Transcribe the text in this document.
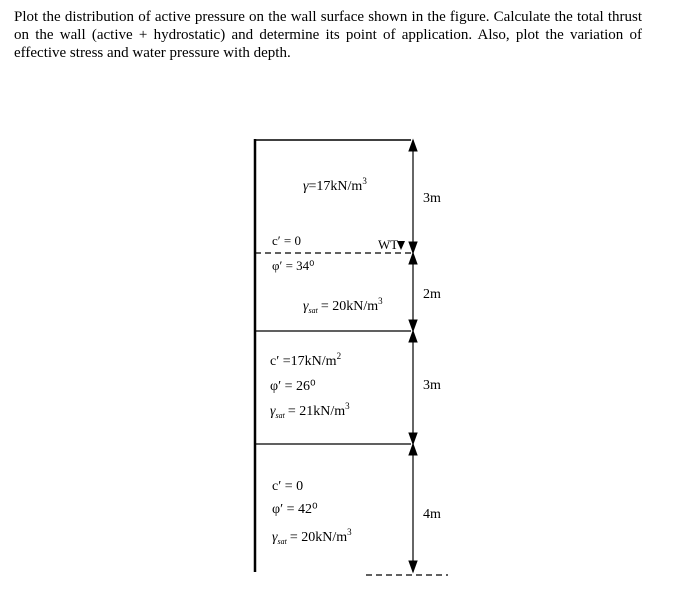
Plot the distribution of active pressure on the wall surface shown in the figure. Calculate the total thrust on the wall (active + hydrostatic) and determine its point of application. Also, plot the variation of effective stress and water pressure with depth.

3m
2m
3m
4m
$\gamma=17kN/m^3$
c′ = 0	WT
φ′ = 34⁰
$\gamma_{sat} = 20kN/m^3$
$c' =17kN/m^2$
φ′ = 26⁰
$\gamma_{sat} = 21kN/m^3$
c′ = 0
φ′ = 42⁰
$\gamma_{sat} = 20kN/m^3$
